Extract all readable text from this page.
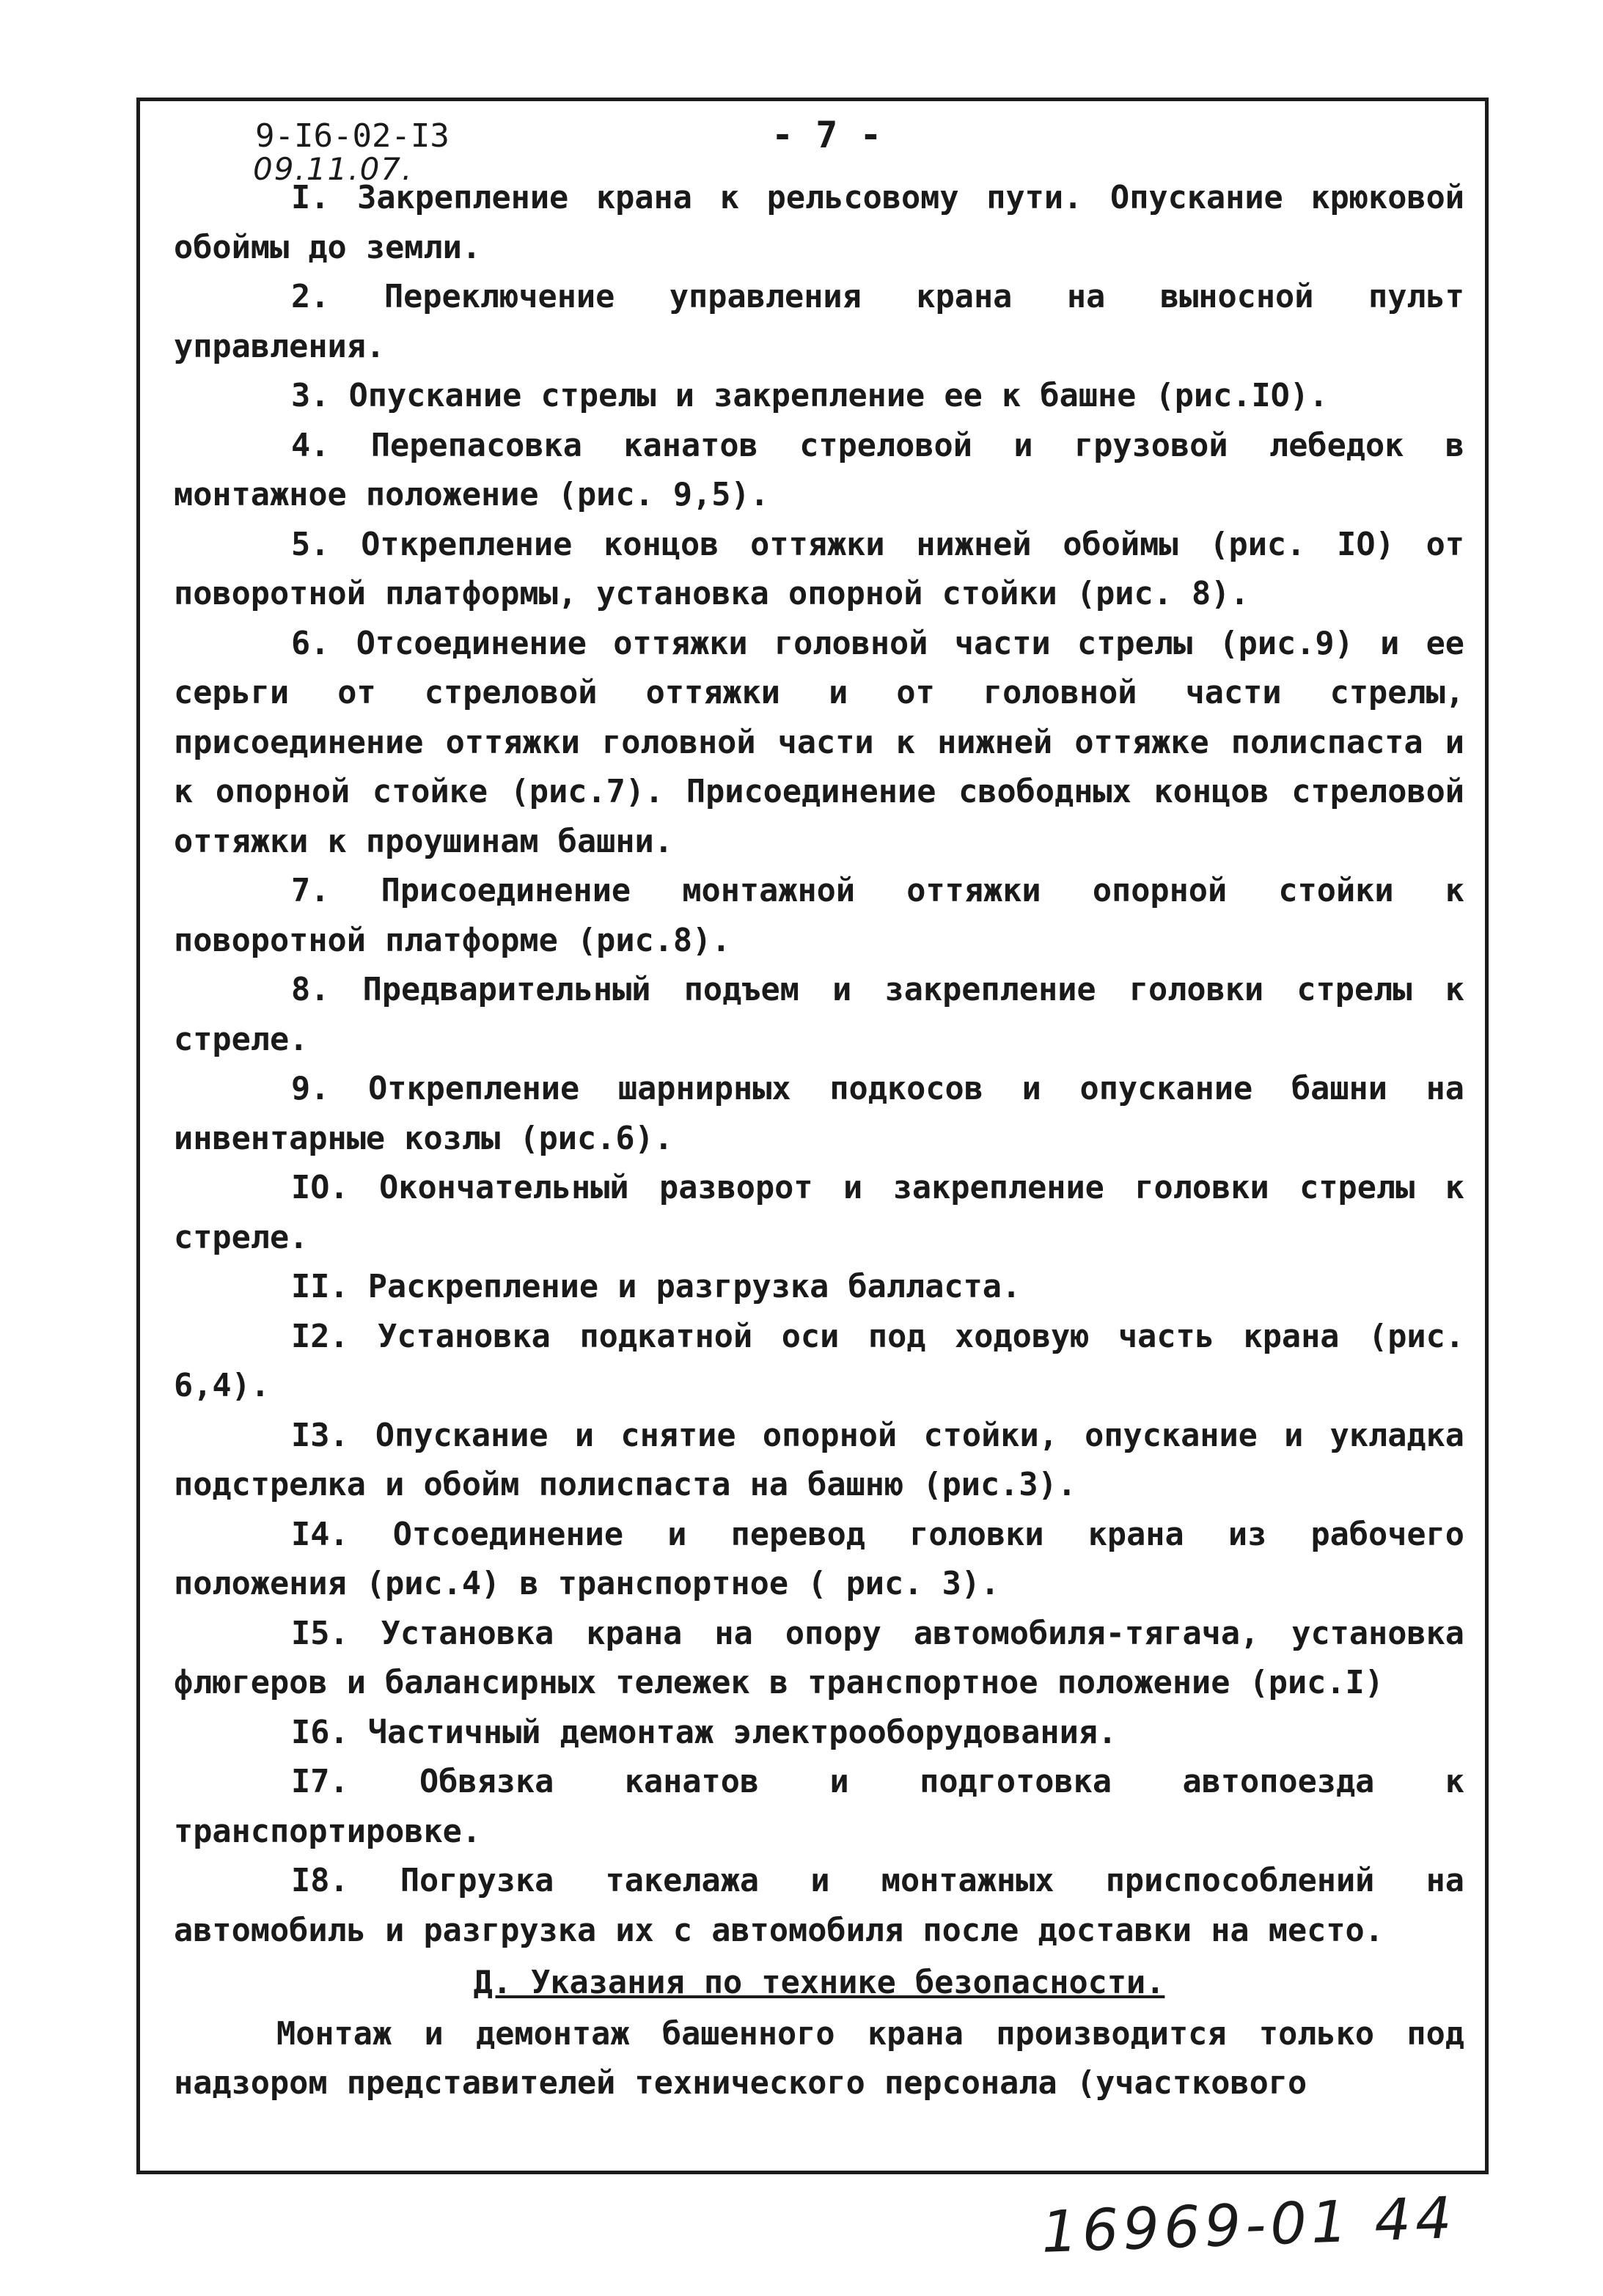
9-I6-02-I3	- 7 -
09.11.07.

I. Закрепление крана к рельсовому пути. Опускание крюковой обоймы до земли.

2. Переключение управления крана на выносной пульт управления.

3. Опускание стрелы и закрепление ее к башне (рис.IO).

4. Перепасовка канатов стреловой и грузовой лебедок в монтажное положение (рис. 9,5).

5. Открепление концов оттяжки нижней обоймы (рис. IO) от поворотной платформы, установка опорной стойки (рис. 8).

6. Отсоединение оттяжки головной части стрелы (рис.9) и ее серьги от стреловой оттяжки и от головной части стрелы, присоединение оттяжки головной части к нижней оттяжке полиспаста и к опорной стойке (рис.7). Присоединение свободных концов стреловой оттяжки к проушинам башни.

7. Присоединение монтажной оттяжки опорной стойки к поворотной платформе (рис.8).

8. Предварительный подъем и закрепление головки стрелы к стреле.

9. Открепление шарнирных подкосов и опускание башни на инвентарные козлы (рис.6).

IO. Окончательный разворот и закрепление головки стрелы к стреле.

II. Раскрепление и разгрузка балласта.

I2. Установка подкатной оси под ходовую часть крана (рис. 6,4).

I3. Опускание и снятие опорной стойки, опускание и укладка подстрелка и обойм полиспаста на башню (рис.3).

I4. Отсоединение и перевод головки крана из рабочего положения (рис.4) в транспортное ( рис. 3).

I5. Установка крана на опору автомобиля-тягача, установка флюгеров и балансирных тележек в транспортное положение (рис.I)

I6. Частичный демонтаж электрооборудования.

I7. Обвязка канатов и подготовка автопоезда к транспортировке.

I8. Погрузка такелажа и монтажных приспособлений на автомобиль и разгрузка их с автомобиля после доставки на место.

Д. Указания по технике безопасности.

Монтаж и демонтаж башенного крана производится только под надзором представителей технического персонала (участкового

16969-01 44
